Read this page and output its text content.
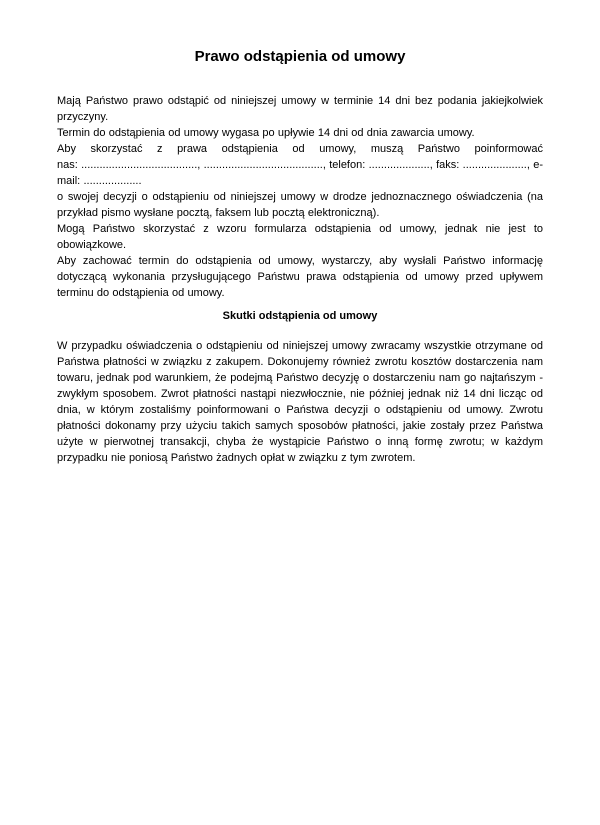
Prawo odstąpienia od umowy
Mają Państwo prawo odstąpić od niniejszej umowy w terminie 14 dni bez podania jakiejkolwiek przyczyny.
Termin do odstąpienia od umowy wygasa po upływie 14 dni od dnia zawarcia umowy.
Aby skorzystać z prawa odstąpienia od umowy, muszą Państwo poinformować
nas: ......................................, ......................................., telefon: ...................., faks: ....................., e-mail: ...................
o swojej decyzji o odstąpieniu od niniejszej umowy w drodze jednoznacznego oświadczenia (na przykład pismo wysłane pocztą, faksem lub pocztą elektroniczną).
Mogą Państwo skorzystać z wzoru formularza odstąpienia od umowy, jednak nie jest to obowiązkowe.
Aby zachować termin do odstąpienia od umowy, wystarczy, aby wysłali Państwo informację dotyczącą wykonania przysługującego Państwu prawa odstąpienia od umowy przed upływem terminu do odstąpienia od umowy.
Skutki odstąpienia od umowy
W przypadku oświadczenia o odstąpieniu od niniejszej umowy zwracamy wszystkie otrzymane od Państwa płatności w związku z zakupem. Dokonujemy również zwrotu kosztów dostarczenia nam towaru, jednak pod warunkiem, że podejmą Państwo decyzję o dostarczeniu nam go najtańszym - zwykłym sposobem. Zwrot płatności nastąpi niezwłocznie, nie później jednak niż 14 dni licząc od dnia, w którym zostaliśmy poinformowani o Państwa decyzji o odstąpieniu od umowy. Zwrotu płatności dokonamy przy użyciu takich samych sposobów płatności, jakie zostały przez Państwa użyte w pierwotnej transakcji, chyba że wystąpicie Państwo o inną formę zwrotu; w każdym przypadku nie poniosą Państwo żadnych opłat w związku z tym zwrotem.
